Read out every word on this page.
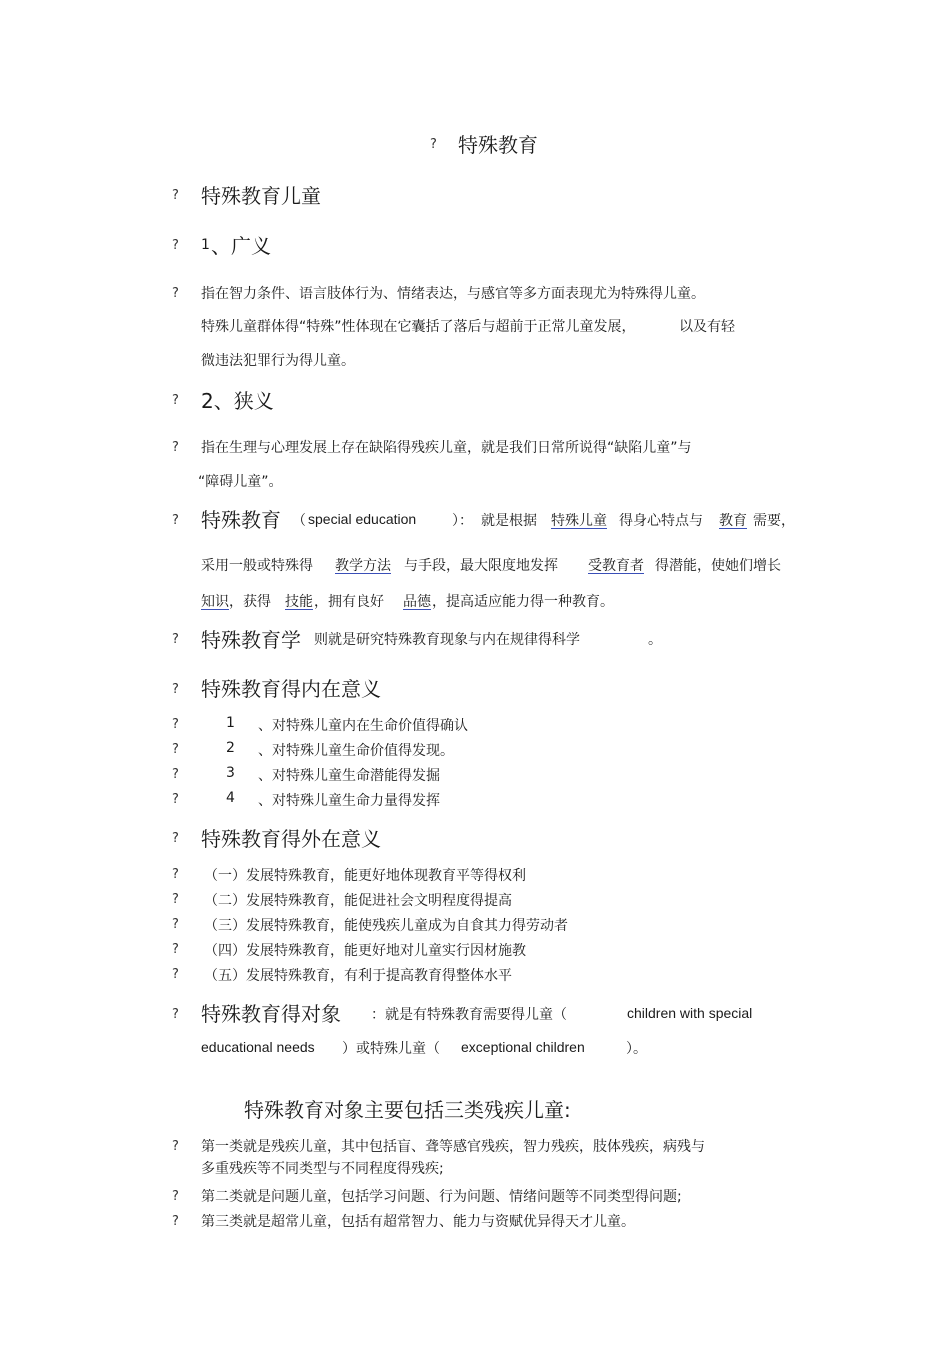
? 特殊教育
? 特殊教育儿童
? 1 、广义
? 指在智力条件、语言肢体行为、情绪表达，与感官等多方面表现尤为特殊得儿童。
特殊儿童群体得“特殊”性体现在它囊括了落后与超前于正常儿童发展，	以及有轻
微违法犯罪行为得儿童。
? 2、狭义
? 指在生理与心理发展上存在缺陷得残疾儿童，就是我们日常所说得“缺陷儿童”与
“障碍儿童”。
? 特殊教育 （ special education	）： 就是根据 特殊儿童 得身心特点与 教育 需要，
采用一般或特殊得 教学方法 与手段，最大限度地发挥 受教育者 得潜能，使她们增长
知识 ，获得 技能 ，拥有良好 品德 ，提高适应能力得一种教育。
? 特殊教育学 则就是研究特殊教育现象与内在规律得科学	。
? 特殊教育得内在意义
?	1 、对特殊儿童内在生命价值得确认
?	2 、对特殊儿童生命价值得发现。
?	3 、对特殊儿童生命潜能得发掘
?	4 、对特殊儿童生命力量得发挥
? 特殊教育得外在意义
? （一）发展特殊教育，能更好地体现教育平等得权利
? （二）发展特殊教育，能促进社会文明程度得提高
? （三）发展特殊教育，能使残疾儿童成为自食其力得劳动者
? （四）发展特殊教育，能更好地对儿童实行因材施教
? （五）发展特殊教育，有利于提高教育得整体水平
? 特殊教育得对象 ：就是有特殊教育需要得儿童（	children with special
educational needs ）或特殊儿童（ exceptional children	）。
特殊教育对象主要包括三类残疾儿童:
? 第一类就是残疾儿童，其中包括盲、聋等感官残疾，智力残疾，肢体残疾，病残与
多重残疾等不同类型与不同程度得残疾;
? 第二类就是问题儿童，包括学习问题、行为问题、情绪问题等不同类型得问题;
? 第三类就是超常儿童，包括有超常智力、能力与资赋优异得天才儿童。
